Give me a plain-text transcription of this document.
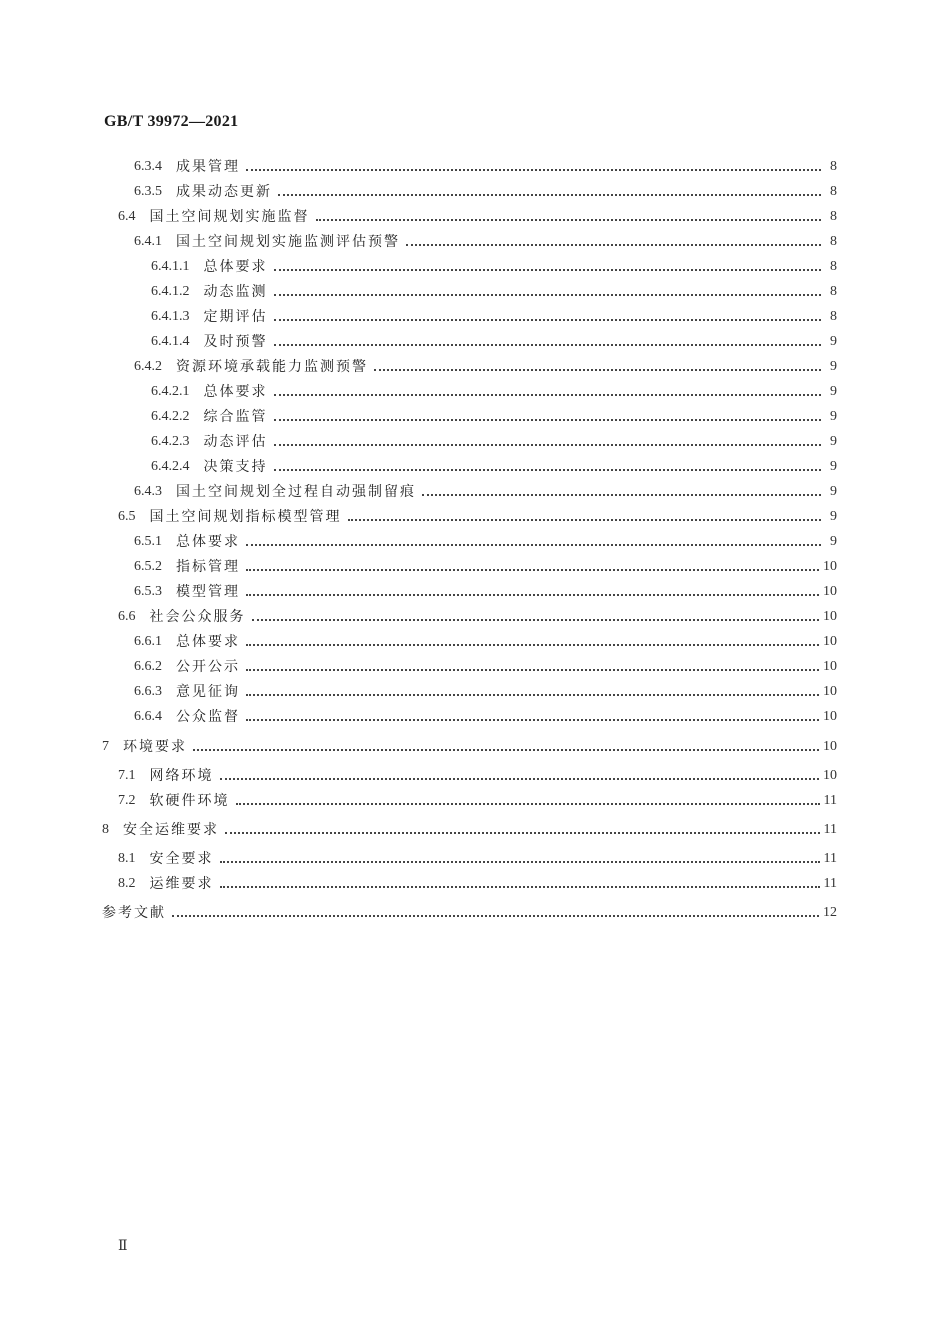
GB/T 39972—2021
6.3.4 成果管理	8
6.3.5 成果动态更新	8
6.4 国土空间规划实施监督	8
6.4.1 国土空间规划实施监测评估预警	8
6.4.1.1 总体要求	8
6.4.1.2 动态监测	8
6.4.1.3 定期评估	8
6.4.1.4 及时预警	9
6.4.2 资源环境承载能力监测预警	9
6.4.2.1 总体要求	9
6.4.2.2 综合监管	9
6.4.2.3 动态评估	9
6.4.2.4 决策支持	9
6.4.3 国土空间规划全过程自动强制留痕	9
6.5 国土空间规划指标模型管理	9
6.5.1 总体要求	9
6.5.2 指标管理	10
6.5.3 模型管理	10
6.6 社会公众服务	10
6.6.1 总体要求	10
6.6.2 公开公示	10
6.6.3 意见征询	10
6.6.4 公众监督	10
7 环境要求	10
7.1 网络环境	10
7.2 软硬件环境	11
8 安全运维要求	11
8.1 安全要求	11
8.2 运维要求	11
参考文献	12
Ⅱ
